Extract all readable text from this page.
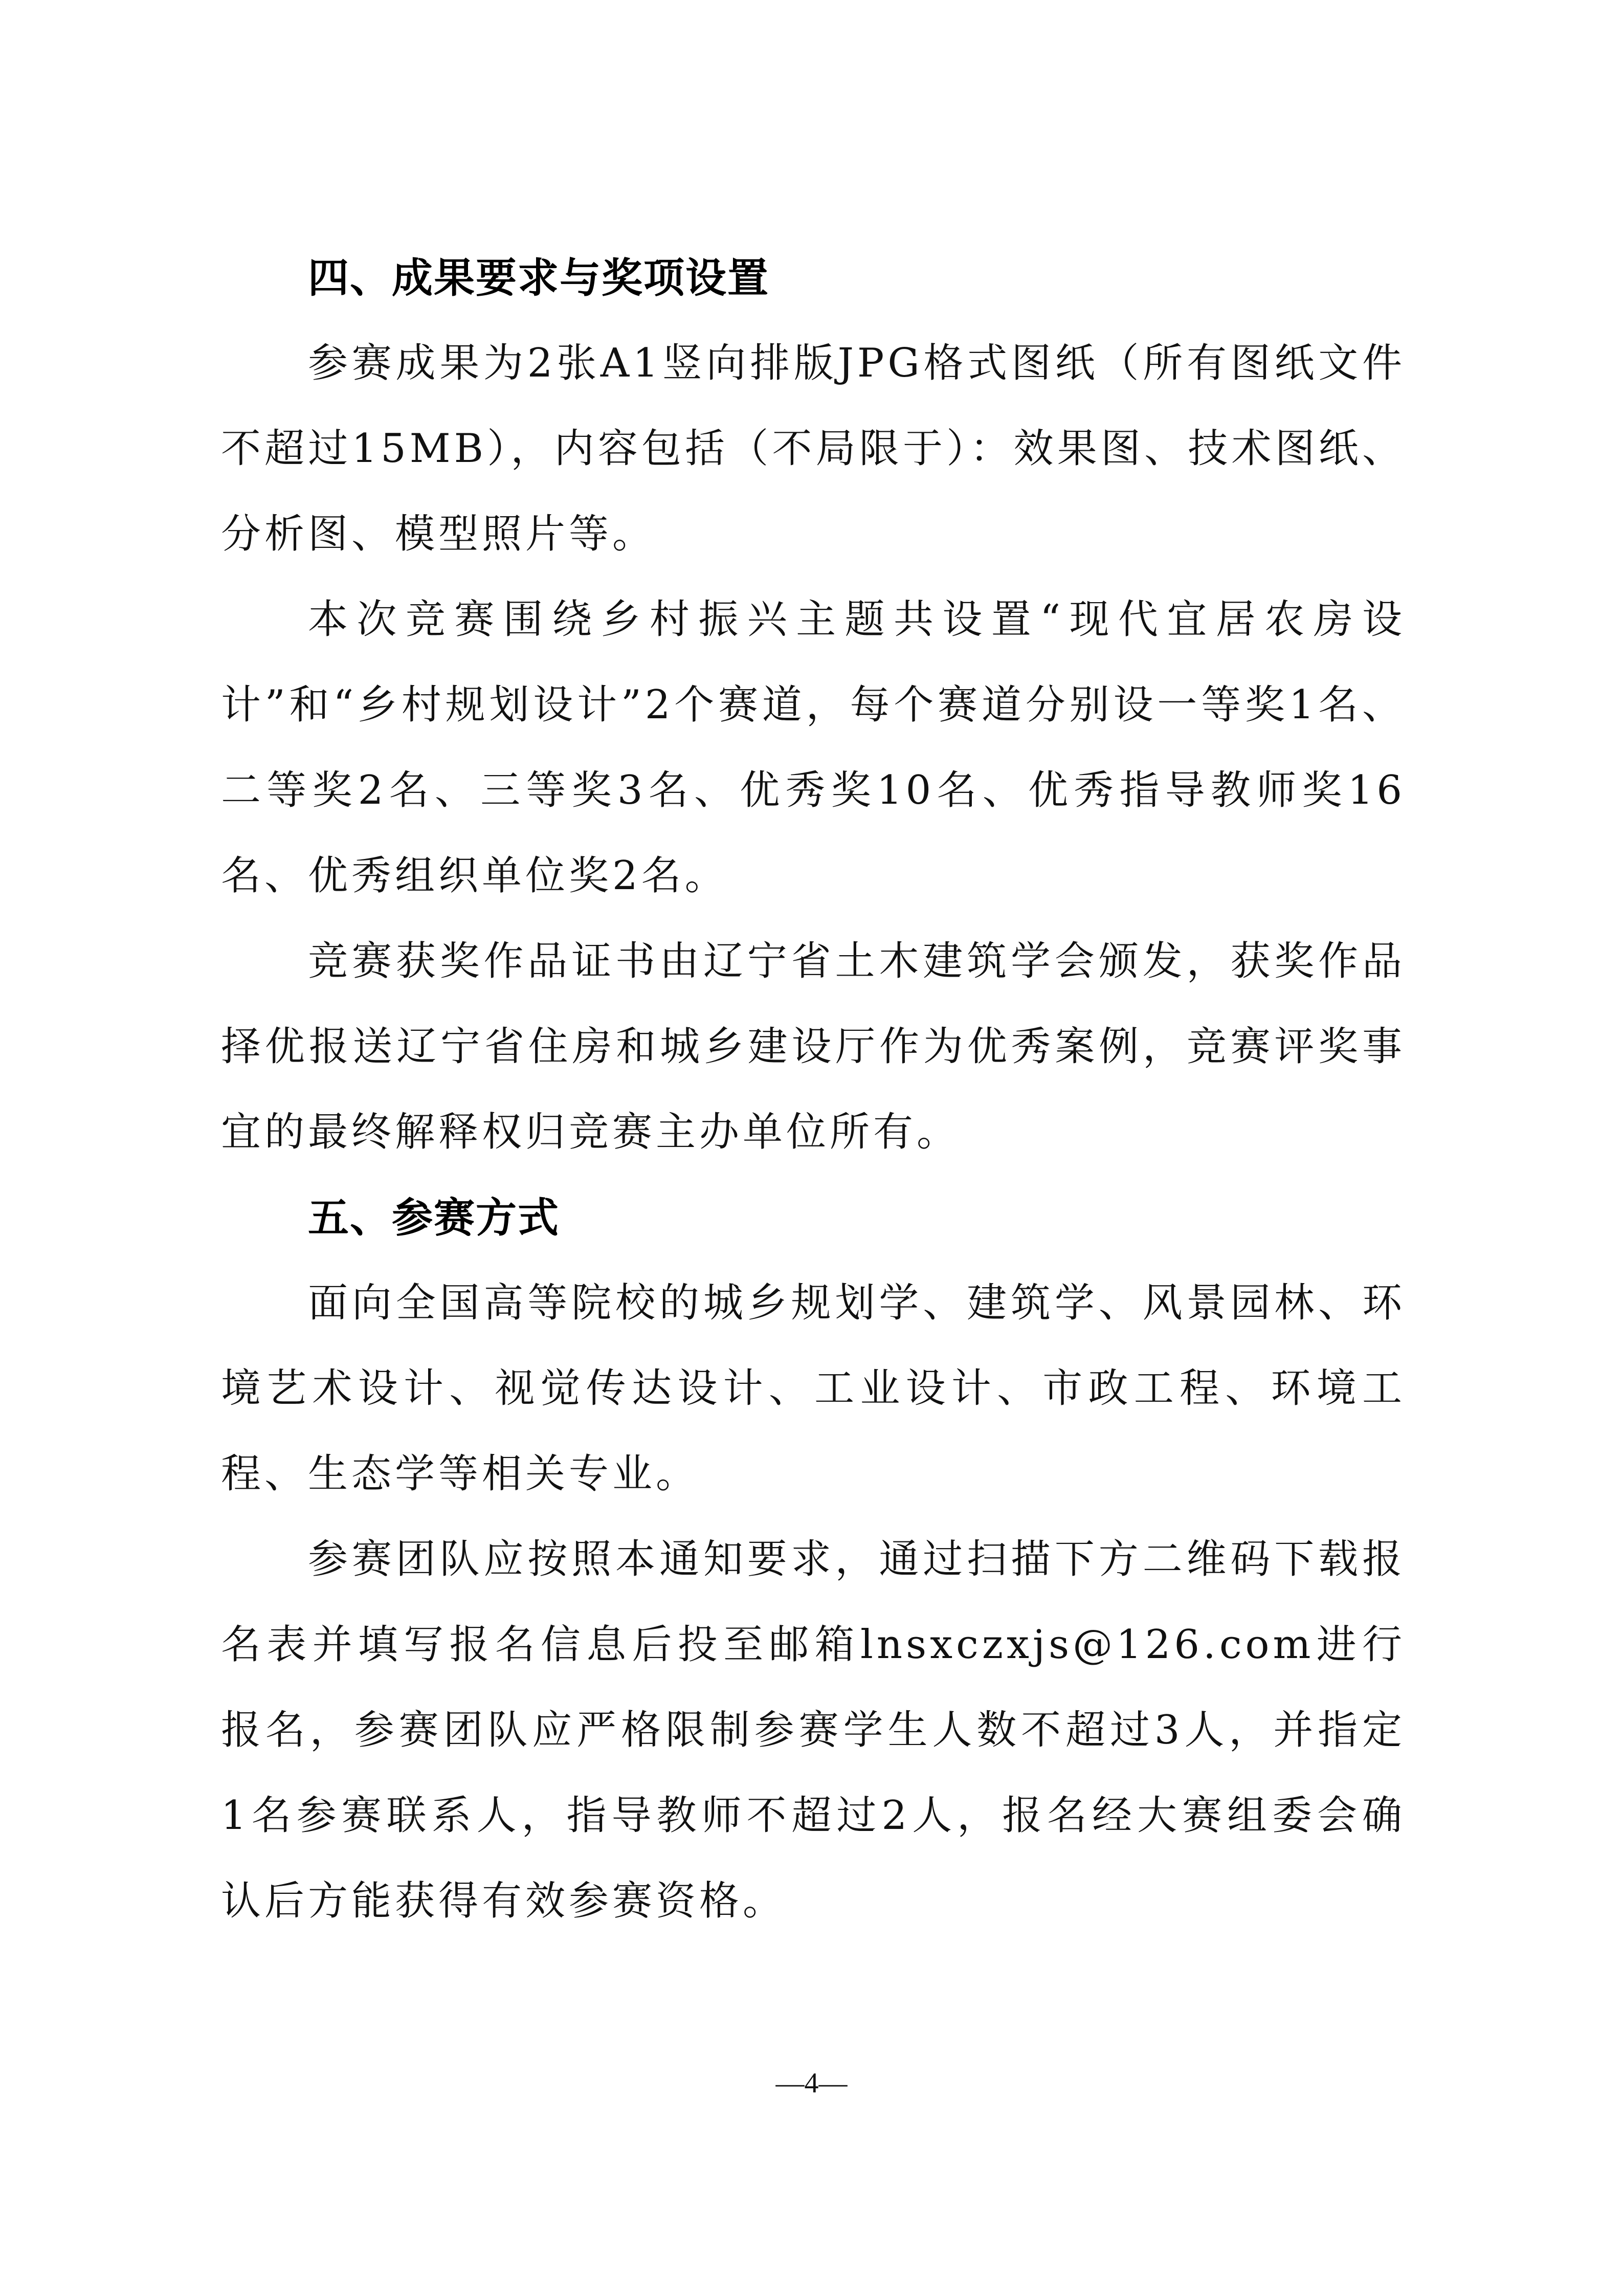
四、成果要求与奖项设置

参赛成果为2张A1竖向排版JPG格式图纸（所有图纸文件不超过15MB），内容包括（不局限于）：效果图、技术图纸、分析图、模型照片等。

本次竞赛围绕乡村振兴主题共设置“现代宜居农房设计”和“乡村规划设计”2个赛道，每个赛道分别设一等奖1名、二等奖2名、三等奖3名、优秀奖10名、优秀指导教师奖16名、优秀组织单位奖2名。

竞赛获奖作品证书由辽宁省土木建筑学会颁发，获奖作品择优报送辽宁省住房和城乡建设厅作为优秀案例，竞赛评奖事宜的最终解释权归竞赛主办单位所有。

五、参赛方式

面向全国高等院校的城乡规划学、建筑学、风景园林、环境艺术设计、视觉传达设计、工业设计、市政工程、环境工程、生态学等相关专业。

参赛团队应按照本通知要求，通过扫描下方二维码下载报名表并填写报名信息后投至邮箱lnsxczxjs@126.com进行报名，参赛团队应严格限制参赛学生人数不超过3人，并指定1名参赛联系人，指导教师不超过2人，报名经大赛组委会确认后方能获得有效参赛资格。

—4—
